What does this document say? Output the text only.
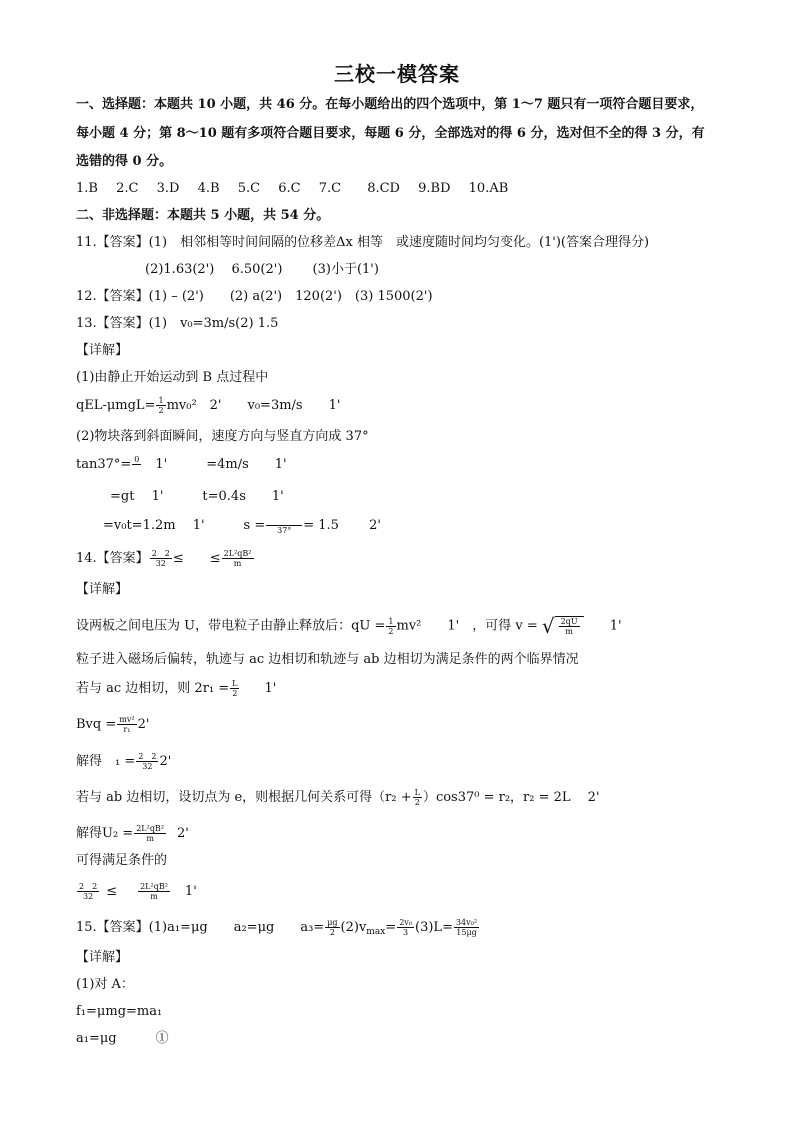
三校一模答案
一、选择题：本题共 10 小题，共 46 分。在每小题给出的四个选项中，第 1～7 题只有一项符合题目要求，
每小题 4 分；第 8～10 题有多项符合题目要求，每题 6 分，全部选对的得 6 分，选对但不全的得 3 分，有
选错的得 0 分。
1.B 2.C 3.D 4.B 5.C 6.C 7.C 8.CD 9.BD 10.AB
二、非选择题：本题共 5 小题，共 54 分。
11.【答案】(1)　相邻相等时间间隔的位移差Δx 相等　或速度随时间均匀变化。(1')(答案合理得分)
(2)1.63(2')　 6.50(2')　　 (3)小于(1')
12.【答案】(1) – (2')　　(2) a(2')　120(2')　(3) 1500(2')
13.【答案】(1)　v₀=3m/s(2) 1.5
【详解】
(1)由静止开始运动到 B 点过程中
$qEL-\mu mgL= \frac{1}{2} mv_0^2$　2'　　v₀=3m/s　　1'
(2)物块落到斜面瞬间，速度方向与竖直方向成 37°
tan37°= 0
　1'　　　=4m/s　　1'
=gt　 1'　　　t=0.4s　　1'
=v₀t=1.2m　 1'　　　s =
37° = 1.5　　 2'
14.【答案】 $\frac{2 2}{32}$ ≤　　≤ $\frac{\text{2L²qB²}}{m}$
【详解】
设两板之间电压为 U，带电粒子由静止释放后：qU = $\frac{1}{2} mv^2$　　1'　，可得 v = √ $\frac{2qU}{m} 1'$
粒子进入磁场后偏转，轨迹与 ac 边相切和轨迹与 ab 边相切为满足条件的两个临界情况
若与 ac 边相切，则 $2r_1 = \frac{L}{2} 1'$
Bvq = $\frac{\text{mv²}}{\text{r₁}} 2'$
解得　$_1 = \frac{2 2}{32} 2'$
若与 ab 边相切，设切点为 e，则根据几何关系可得$(r_2 + \frac{L}{2} )\cos 37^0 = r_2$，r₂ = 2L　 2'
解得$U_2 = \frac{\text{2L²qB²}}{m} 2'$
可得满足条件的
$\frac{2 2}{32}$ ≤	$\frac{\text{2L²qB²}}{m} 1'$
15.【答案】(1)a₁=μg　　a₂=μg　　$a_3= \frac{\mu g}{2} (2)v_{max}= \frac{\text{2v₀}}{3} (3)L= \frac{\text{34v₀²}}{15\mu g}$
【详解】
(1)对 A：
f₁=μmg=ma₁
a₁=μg　　　①
